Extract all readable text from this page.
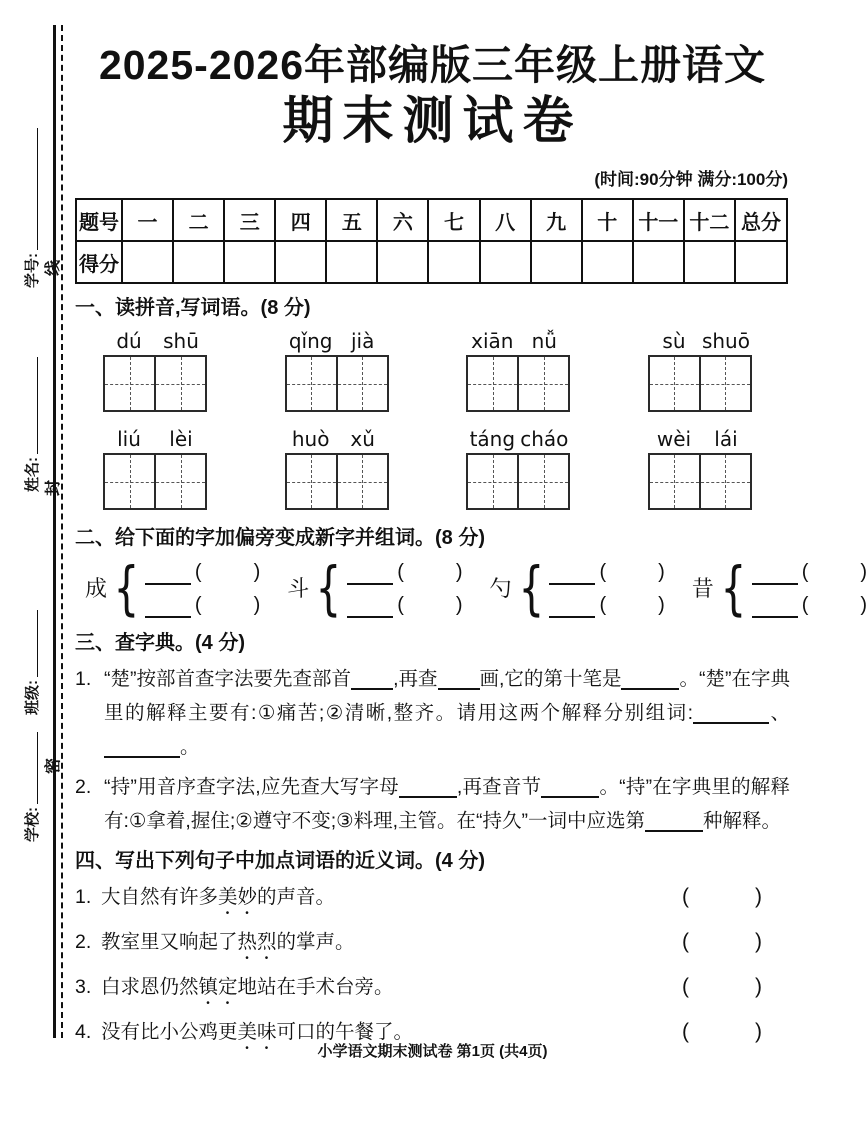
学号:
姓名:
班级:
学校:
线
封
密
2025-2026年部编版三年级上册语文
期末测试卷
(时间:90分钟 满分:100分)
题号	一	二	三	四	五	六	七	八	九	十	十一	十二	总分
得分													
一、读拼音,写词语。(8 分)
dú	shū	qǐng jià	xiān nǚ	sù shuō
liú	lèi	huò	xǔ	táng cháo	wèi	lái
二、给下面的字加偏旁变成新字并组词。(8 分)
成 {	(	)
(	)
斗 {	(	)
(	)
勺 {	(	)
(	)
昔 {	(	)
(	)
三、查字典。(4 分)
1. “楚”按部首查字法要先查部首 ,再查 画,它的第十笔是	。“楚”在字典里的解释主要有:①痛苦;②清晰,整齐。请用这两个解释分别组词:	、。
2. “持”用音序查字法,应先查大写字母	,再查音节	。“持”在字典里的解释有:①拿着,握住;②遵守不变;③料理,主管。在“持久”一词中应选第	种解释。
四、写出下列句子中加点词语的近义词。(4 分)
1. 大自然有许多美妙的声音。	(	)
2. 教室里又响起了热烈的掌声。	(	)
3. 白求恩仍然镇定地站在手术台旁。	(	)
4. 没有比小公鸡更美味可口的午餐了。	(	)
小学语文期末测试卷 第1页 (共4页)
